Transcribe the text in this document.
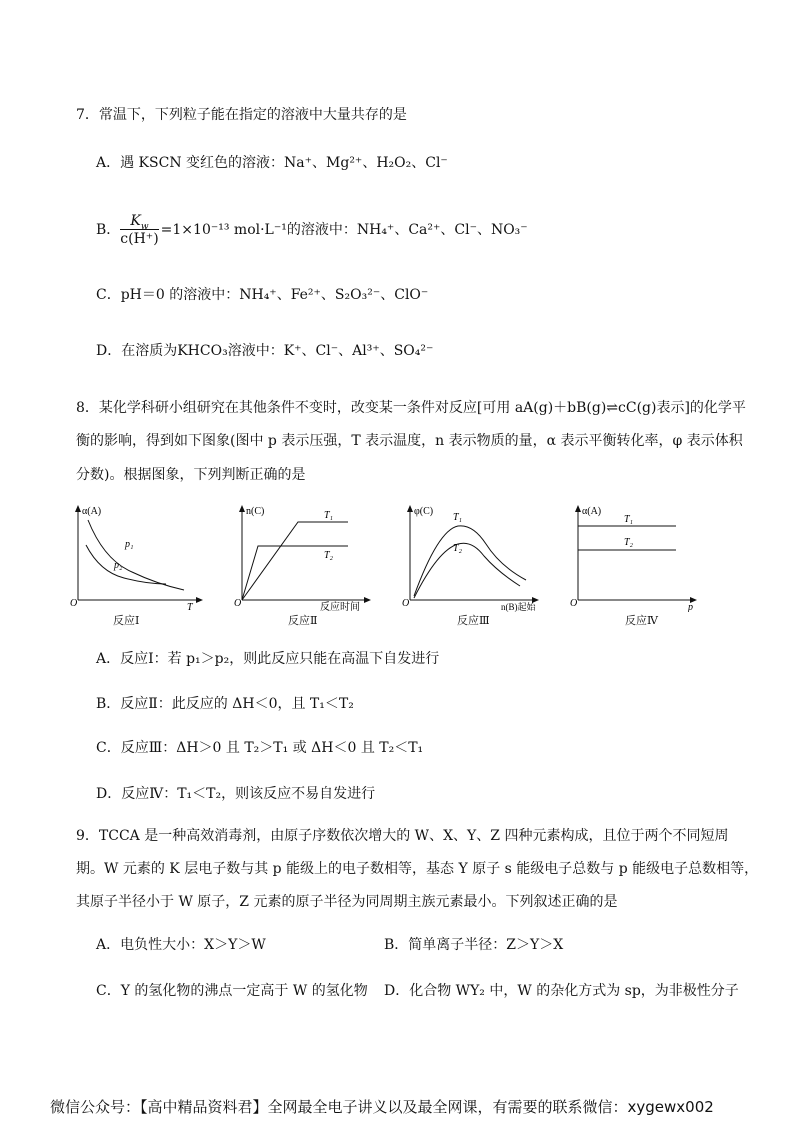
7．常温下，下列粒子能在指定的溶液中大量共存的是
A．遇 KSCN 变红色的溶液：Na⁺、Mg²⁺、H₂O₂、Cl⁻
B． $\frac{K_w}{c(H^+)} =1\times 10^{-13}$ mol·L⁻¹的溶液中：NH₄⁺、Ca²⁺、Cl⁻、NO₃⁻
C．pH＝0 的溶液中：NH₄⁺、Fe²⁺、S₂O₃²⁻、ClO⁻
D．在溶质为KHCO₃溶液中：K⁺、Cl⁻、Al³⁺、SO₄²⁻
8．某化学科研小组研究在其他条件不变时，改变某一条件对反应[可用 aA(g)＋bB(g)⇌cC(g)表示]的化学平
衡的影响，得到如下图象(图中 p 表示压强，T 表示温度，n 表示物质的量，α 表示平衡转化率，φ 表示体积
分数)。根据图象，下列判断正确的是
α(A)
O	T
p₁
p₂
反应Ⅰ
n(C)
O	反应时间
T₁
T₂
反应Ⅱ
φ(C)
O	n(B)起始
T₁
T₂
反应Ⅲ
α(A)
O	p
T₁
T₂
反应Ⅳ
A．反应Ⅰ：若 p₁＞p₂，则此反应只能在高温下自发进行
B．反应Ⅱ：此反应的 ΔH＜0，且 T₁＜T₂
C．反应Ⅲ：ΔH＞0 且 T₂＞T₁ 或 ΔH＜0 且 T₂＜T₁
D．反应Ⅳ：T₁＜T₂，则该反应不易自发进行
9．TCCA 是一种高效消毒剂，由原子序数依次增大的 W、X、Y、Z 四种元素构成，且位于两个不同短周
期。W 元素的 K 层电子数与其 p 能级上的电子数相等，基态 Y 原子 s 能级电子总数与 p 能级电子总数相等，
其原子半径小于 W 原子，Z 元素的原子半径为同周期主族元素最小。下列叙述正确的是
A．电负性大小：X＞Y＞W	B．简单离子半径：Z＞Y＞X
C．Y 的氢化物的沸点一定高于 W 的氢化物 D．化合物 WY₂ 中，W 的杂化方式为 sp，为非极性分子
微信公众号：【高中精品资料君】全网最全电子讲义以及最全网课，有需要的联系微信：xygewx002
